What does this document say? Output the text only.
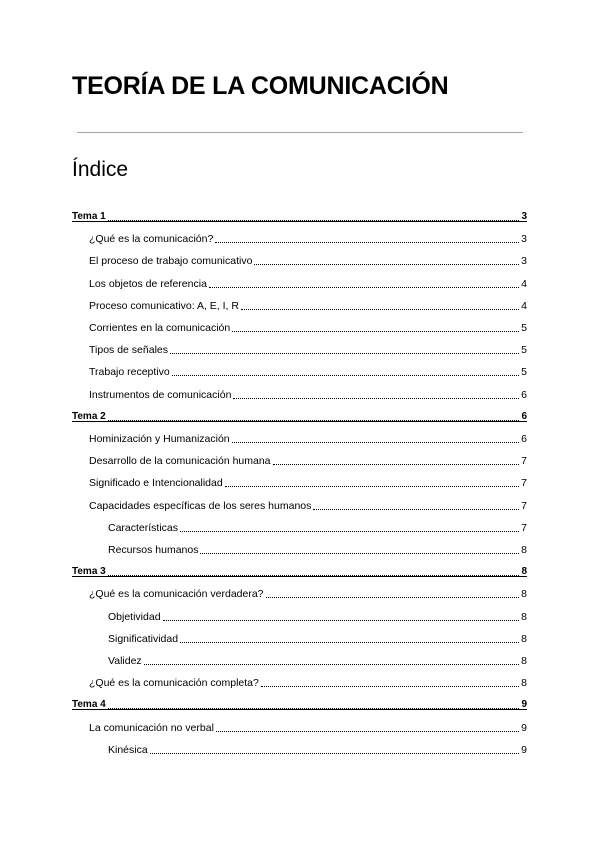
TEORÍA DE LA COMUNICACIÓN
Índice
Tema 1	3
¿Qué es la comunicación?	3
El proceso de trabajo comunicativo	3
Los objetos de referencia	4
Proceso comunicativo: A, E, I, R	4
Corrientes en la comunicación	5
Tipos de señales	5
Trabajo receptivo	5
Instrumentos de comunicación	6
Tema 2	6
Hominización y Humanización	6
Desarrollo de la comunicación humana	7
Significado e Intencionalidad	7
Capacidades específicas de los seres humanos	7
Características	7
Recursos humanos	8
Tema 3	8
¿Qué es la comunicación verdadera?	8
Objetividad	8
Significatividad	8
Validez	8
¿Qué es la comunicación completa?	8
Tema 4	9
La comunicación no verbal	9
Kinésica	9
